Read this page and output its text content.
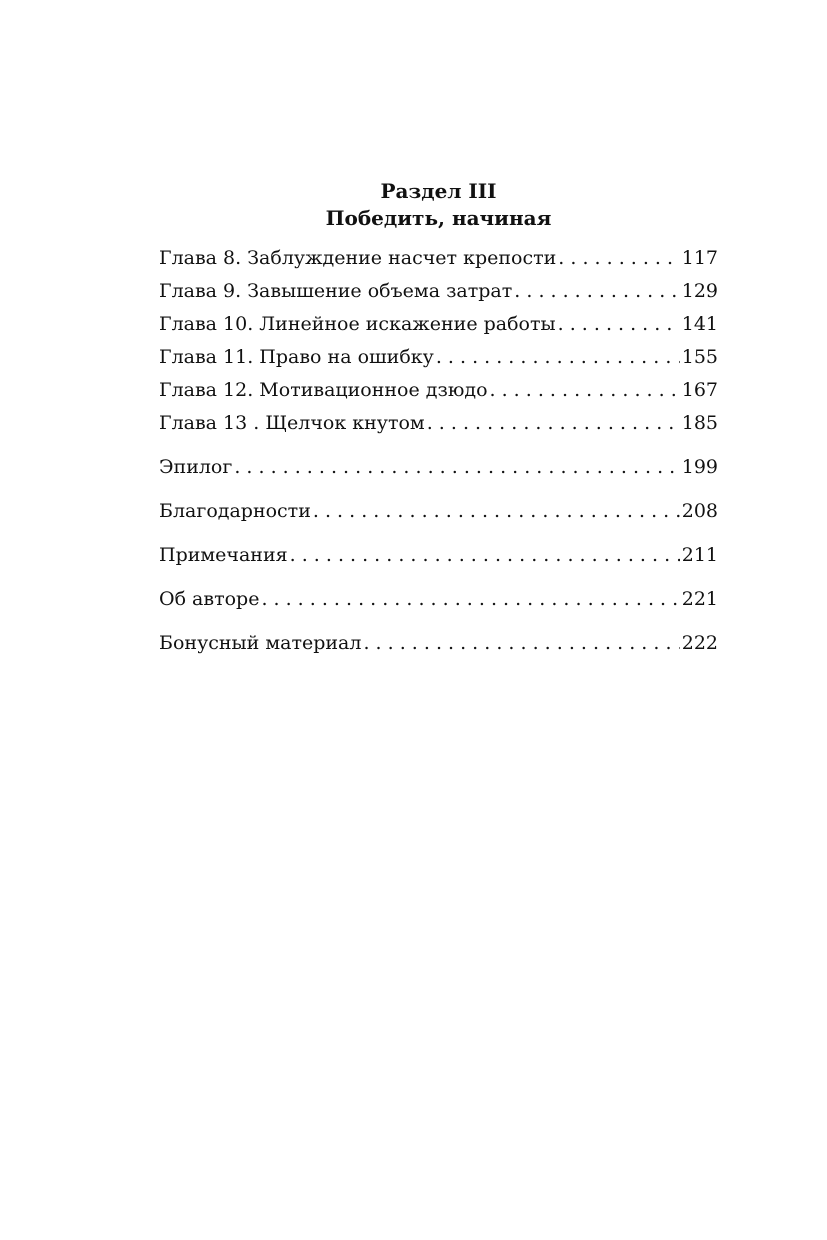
Раздел III
Победить, начиная
Глава 8. Заблуждение насчет крепости . . .	117
Глава 9. Завышение объема затрат . . .	129
Глава 10. Линейное искажение работы . . .	141
Глава 11. Право на ошибку . . .	155
Глава 12. Мотивационное дзюдо . . .	167
Глава 13 . Щелчок кнутом . . .	185
Эпилог . . .	199
Благодарности . . .	208
Примечания . . .	211
Об авторе . . .	221
Бонусный материал . . .	222
